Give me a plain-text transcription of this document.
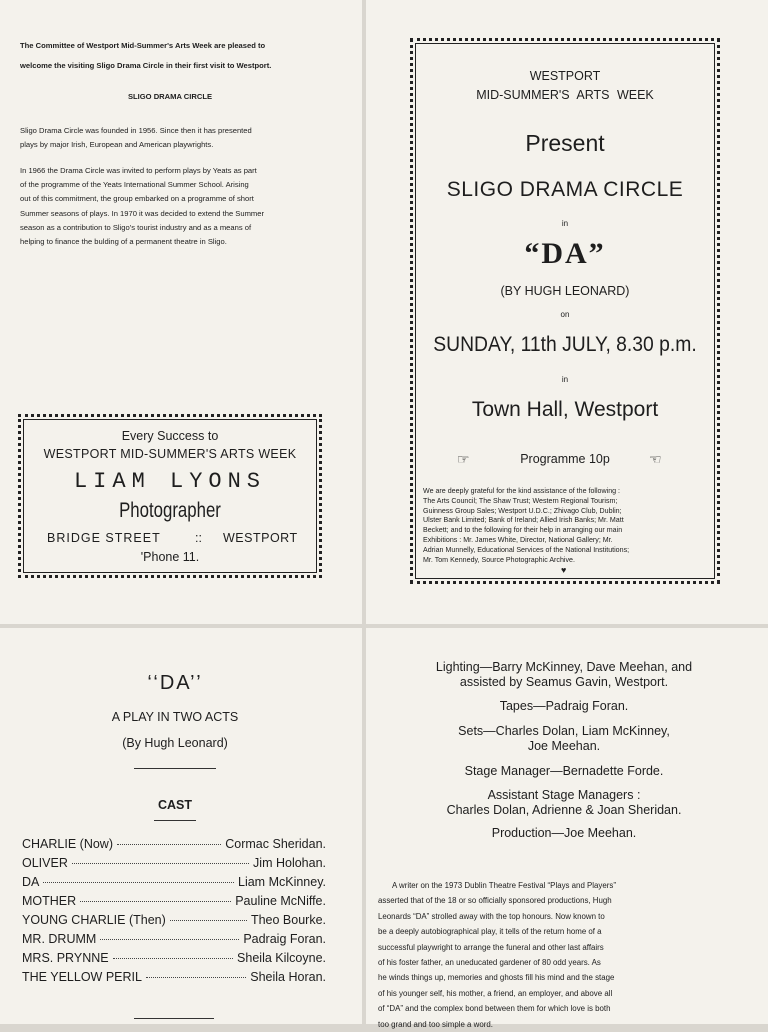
The Committee of Westport Mid-Summer's Arts Week are pleased to
welcome the visiting Sligo Drama Circle in their first visit to Westport.
SLIGO DRAMA CIRCLE
Sligo Drama Circle was founded in 1956. Since then it has presented
plays by major Irish, European and American playwrights.
In 1966 the Drama Circle was invited to perform plays by Yeats as part
of the programme of the Yeats International Summer School. Arising
out of this commitment, the group embarked on a programme of short
Summer seasons of plays. In 1970 it was decided to extend the Summer
season as a contribution to Sligo's tourist industry and as a means of
helping to finance the bulding of a permanent theatre in Sligo.
Every Success to
WESTPORT MID-SUMMER'S ARTS WEEK
LIAM LYONS
Photographer
BRIDGE STREET	:: WESTPORT
'Phone 11.
WESTPORT
MID-SUMMER'S ARTS WEEK
Present
SLIGO DRAMA CIRCLE
in
“DA”
(BY HUGH LEONARD)
on
SUNDAY, 11th JULY, 8.30 p.m.
in
Town Hall, Westport
☞	Programme 10p	☜
We are deeply grateful for the kind assistance of the following :
The Arts Council; The Shaw Trust; Western Regional Tourism;
Guinness Group Sales; Westport U.D.C.; Zhivago Club, Dublin;
Ulster Bank Limited; Bank of Ireland; Allied Irish Banks; Mr. Matt
Beckett; and to the following for their help in arranging our main
Exhibitions : Mr. James White, Director, National Gallery; Mr.
Adrian Munnelly, Educational Services of the National Institutions;
Mr. Tom Kennedy, Source Photographic Archive.
♥
‘‘DA’’
A PLAY IN TWO ACTS
(By Hugh Leonard)
CAST
CHARLIE (Now)	Cormac Sheridan.
OLIVER	Jim Holohan.
DA	Liam McKinney.
MOTHER	Pauline McNiffe.
YOUNG CHARLIE (Then)	Theo Bourke.
MR. DRUMM	Padraig Foran.
MRS. PRYNNE	Sheila Kilcoyne.
THE YELLOW PERIL	Sheila Horan.
Lighting—Barry McKinney, Dave Meehan, and
assisted by Seamus Gavin, Westport.
Tapes—Padraig Foran.
Sets—Charles Dolan, Liam McKinney,
Joe Meehan.
Stage Manager—Bernadette Forde.
Assistant Stage Managers :
Charles Dolan, Adrienne & Joan Sheridan.
Production—Joe Meehan.
A writer on the 1973 Dublin Theatre Festival “Plays and Players”
asserted that of the 18 or so officially sponsored productions, Hugh
Leonards “DA” strolled away with the top honours. Now known to
be a deeply autobiographical play, it tells of the return home of a
successful playwright to arrange the funeral and other last affairs
of his foster father, an uneducated gardener of 80 odd years. As
he winds things up, memories and ghosts fill his mind and the stage
of his younger self, his mother, a friend, an employer, and above all
of “DA” and the complex bond between them for which love is both
too grand and too simple a word.
